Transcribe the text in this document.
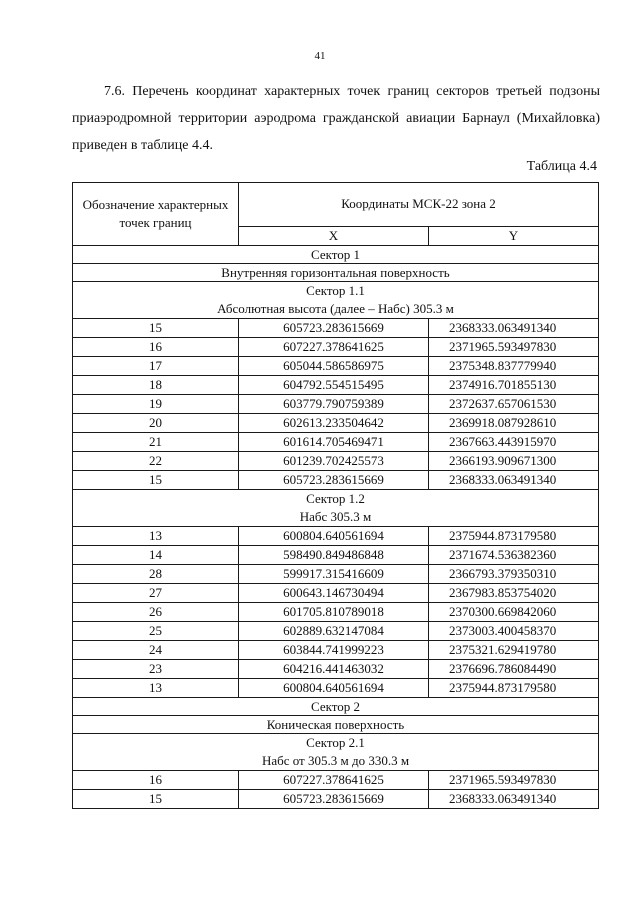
41
7.6. Перечень координат характерных точек границ секторов третьей подзоны приаэродромной территории аэродрома гражданской авиации Барнаул (Михайловка) приведен в таблице 4.4.
Таблица 4.4
Обозначение характерных точек границ	Координаты МСК-22 зона 2	
	X	Y
Сектор 1		
Внутренняя горизонтальная поверхность		

Сектор 1.1
Абсолютная высота (далее – Набс) 305.3 м		

15	605723.283615669	2368333.063491340
16	607227.378641625	2371965.593497830
17	605044.586586975	2375348.837779940
18	604792.554515495	2374916.701855130
19	603779.790759389	2372637.657061530
20	602613.233504642	2369918.087928610
21	601614.705469471	2367663.443915970
22	601239.702425573	2366193.909671300
15	605723.283615669	2368333.063491340

Сектор 1.2
Набс 305.3 м		

13	600804.640561694	2375944.873179580
14	598490.849486848	2371674.536382360
28	599917.315416609	2366793.379350310
27	600643.146730494	2367983.853754020
26	601705.810789018	2370300.669842060
25	602889.632147084	2373003.400458370
24	603844.741999223	2375321.629419780
23	604216.441463032	2376696.786084490
13	600804.640561694	2375944.873179580
Сектор 2		
Коническая поверхность		

Сектор 2.1
Набс от 305.3 м до 330.3 м		

16	607227.378641625	2371965.593497830
15	605723.283615669	2368333.063491340
